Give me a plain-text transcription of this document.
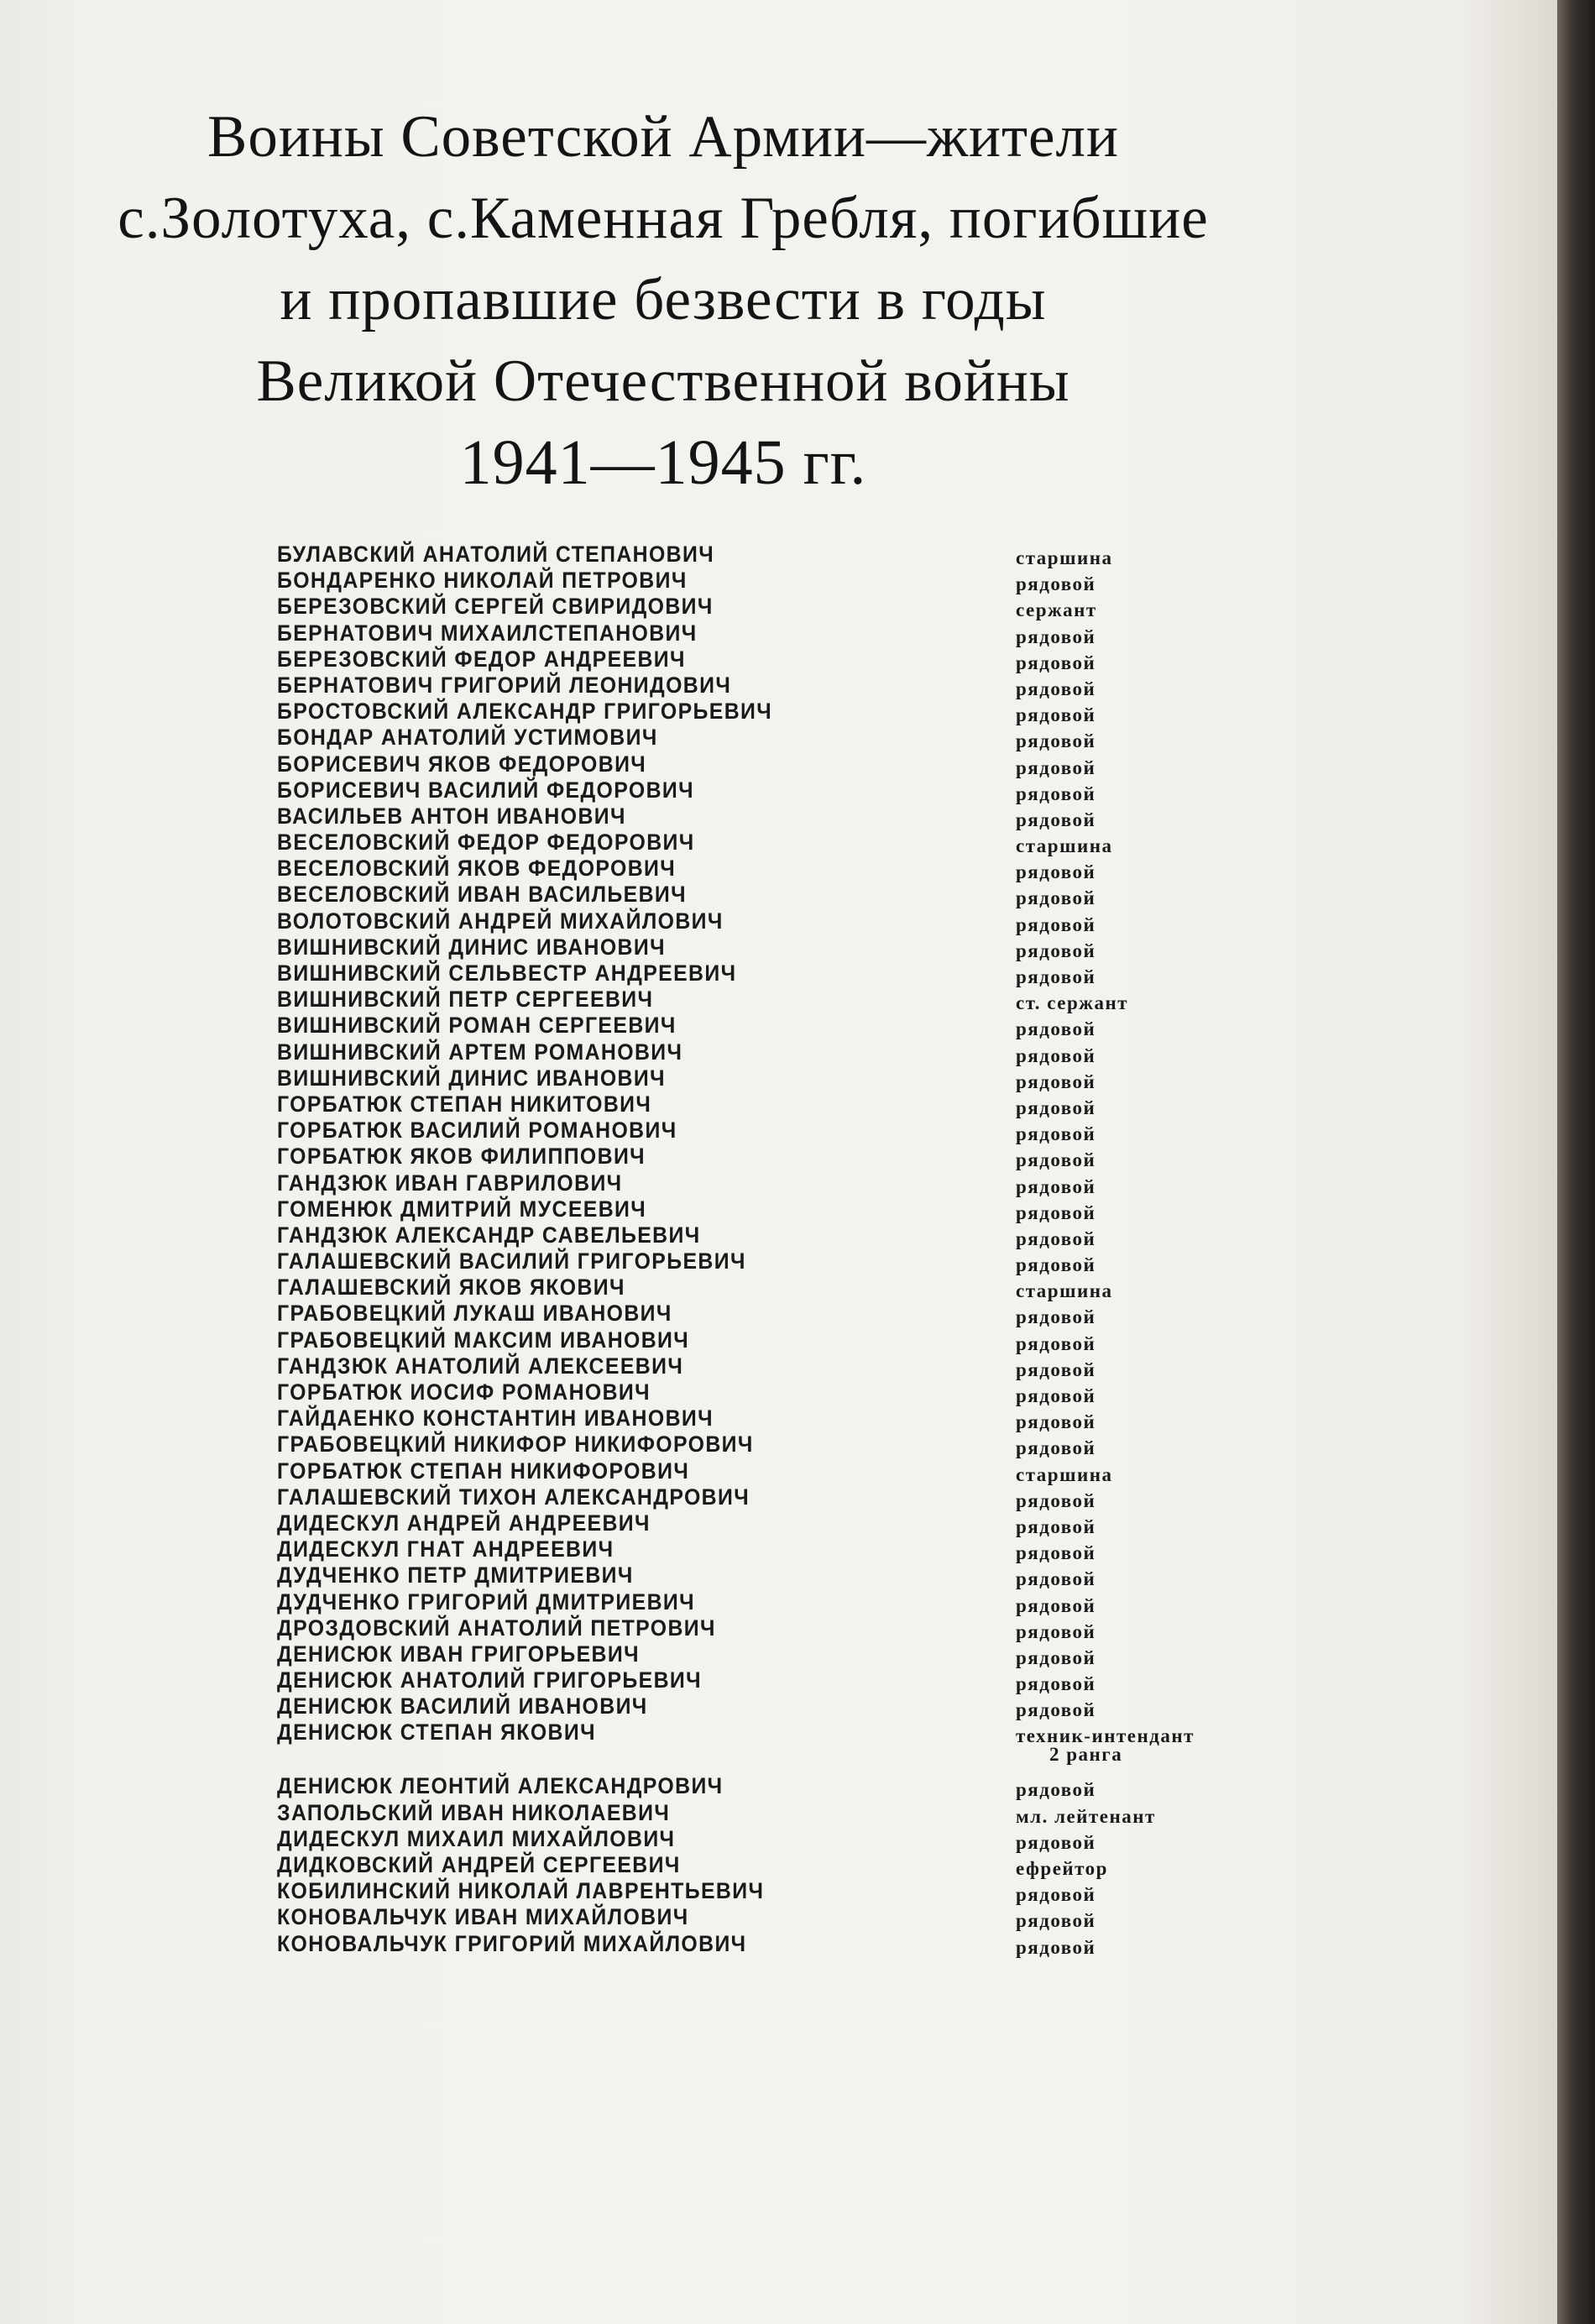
Воины Советской Армии—жители
с.Золотуха, с.Каменная Гребля, погибшие
и пропавшие безвести в годы
Великой Отечественной войны
1941—1945 гг.
БУЛАВСКИЙ АНАТОЛИЙ СТЕПАНОВИЧ	старшина
БОНДАРЕНКО НИКОЛАЙ ПЕТРОВИЧ	рядовой
БЕРЕЗОВСКИЙ СЕРГЕЙ СВИРИДОВИЧ	сержант
БЕРНАТОВИЧ МИХАИЛСТЕПАНОВИЧ	рядовой
БЕРЕЗОВСКИЙ ФЕДОР АНДРЕЕВИЧ	рядовой
БЕРНАТОВИЧ ГРИГОРИЙ ЛЕОНИДОВИЧ	рядовой
БРОСТОВСКИЙ АЛЕКСАНДР ГРИГОРЬЕВИЧ	рядовой
БОНДАР АНАТОЛИЙ УСТИМОВИЧ	рядовой
БОРИСЕВИЧ ЯКОВ ФЕДОРОВИЧ	рядовой
БОРИСЕВИЧ ВАСИЛИЙ ФЕДОРОВИЧ	рядовой
ВАСИЛЬЕВ АНТОН ИВАНОВИЧ	рядовой
ВЕСЕЛОВСКИЙ ФЕДОР ФЕДОРОВИЧ	старшина
ВЕСЕЛОВСКИЙ ЯКОВ ФЕДОРОВИЧ	рядовой
ВЕСЕЛОВСКИЙ ИВАН ВАСИЛЬЕВИЧ	рядовой
ВОЛОТОВСКИЙ АНДРЕЙ МИХАЙЛОВИЧ	рядовой
ВИШНИВСКИЙ ДИНИС ИВАНОВИЧ	рядовой
ВИШНИВСКИЙ СЕЛЬВЕСТР АНДРЕЕВИЧ	рядовой
ВИШНИВСКИЙ ПЕТР СЕРГЕЕВИЧ	ст. сержант
ВИШНИВСКИЙ РОМАН СЕРГЕЕВИЧ	рядовой
ВИШНИВСКИЙ АРТЕМ РОМАНОВИЧ	рядовой
ВИШНИВСКИЙ ДИНИС ИВАНОВИЧ	рядовой
ГОРБАТЮК СТЕПАН НИКИТОВИЧ	рядовой
ГОРБАТЮК ВАСИЛИЙ РОМАНОВИЧ	рядовой
ГОРБАТЮК ЯКОВ ФИЛИППОВИЧ	рядовой
ГАНДЗЮК ИВАН ГАВРИЛОВИЧ	рядовой
ГОМЕНЮК ДМИТРИЙ МУСЕЕВИЧ	рядовой
ГАНДЗЮК АЛЕКСАНДР САВЕЛЬЕВИЧ	рядовой
ГАЛАШЕВСКИЙ ВАСИЛИЙ ГРИГОРЬЕВИЧ	рядовой
ГАЛАШЕВСКИЙ ЯКОВ ЯКОВИЧ	старшина
ГРАБОВЕЦКИЙ ЛУКАШ ИВАНОВИЧ	рядовой
ГРАБОВЕЦКИЙ МАКСИМ ИВАНОВИЧ	рядовой
ГАНДЗЮК АНАТОЛИЙ АЛЕКСЕЕВИЧ	рядовой
ГОРБАТЮК ИОСИФ РОМАНОВИЧ	рядовой
ГАЙДАЕНКО КОНСТАНТИН ИВАНОВИЧ	рядовой
ГРАБОВЕЦКИЙ НИКИФОР НИКИФОРОВИЧ	рядовой
ГОРБАТЮК СТЕПАН НИКИФОРОВИЧ	старшина
ГАЛАШЕВСКИЙ ТИХОН АЛЕКСАНДРОВИЧ	рядовой
ДИДЕСКУЛ АНДРЕЙ АНДРЕЕВИЧ	рядовой
ДИДЕСКУЛ ГНАТ АНДРЕЕВИЧ	рядовой
ДУДЧЕНКО ПЕТР ДМИТРИЕВИЧ	рядовой
ДУДЧЕНКО ГРИГОРИЙ ДМИТРИЕВИЧ	рядовой
ДРОЗДОВСКИЙ АНАТОЛИЙ ПЕТРОВИЧ	рядовой
ДЕНИСЮК ИВАН ГРИГОРЬЕВИЧ	рядовой
ДЕНИСЮК АНАТОЛИЙ ГРИГОРЬЕВИЧ	рядовой
ДЕНИСЮК ВАСИЛИЙ ИВАНОВИЧ	рядовой
ДЕНИСЮК СТЕПАН ЯКОВИЧ	техник-интендант
2 ранга
ДЕНИСЮК ЛЕОНТИЙ АЛЕКСАНДРОВИЧ	рядовой
ЗАПОЛЬСКИЙ ИВАН НИКОЛАЕВИЧ	мл. лейтенант
ДИДЕСКУЛ МИХАИЛ МИХАЙЛОВИЧ	рядовой
ДИДКОВСКИЙ АНДРЕЙ СЕРГЕЕВИЧ	ефрейтор
КОБИЛИНСКИЙ НИКОЛАЙ ЛАВРЕНТЬЕВИЧ	рядовой
КОНОВАЛЬЧУК ИВАН МИХАЙЛОВИЧ	рядовой
КОНОВАЛЬЧУК ГРИГОРИЙ МИХАЙЛОВИЧ	рядовой
